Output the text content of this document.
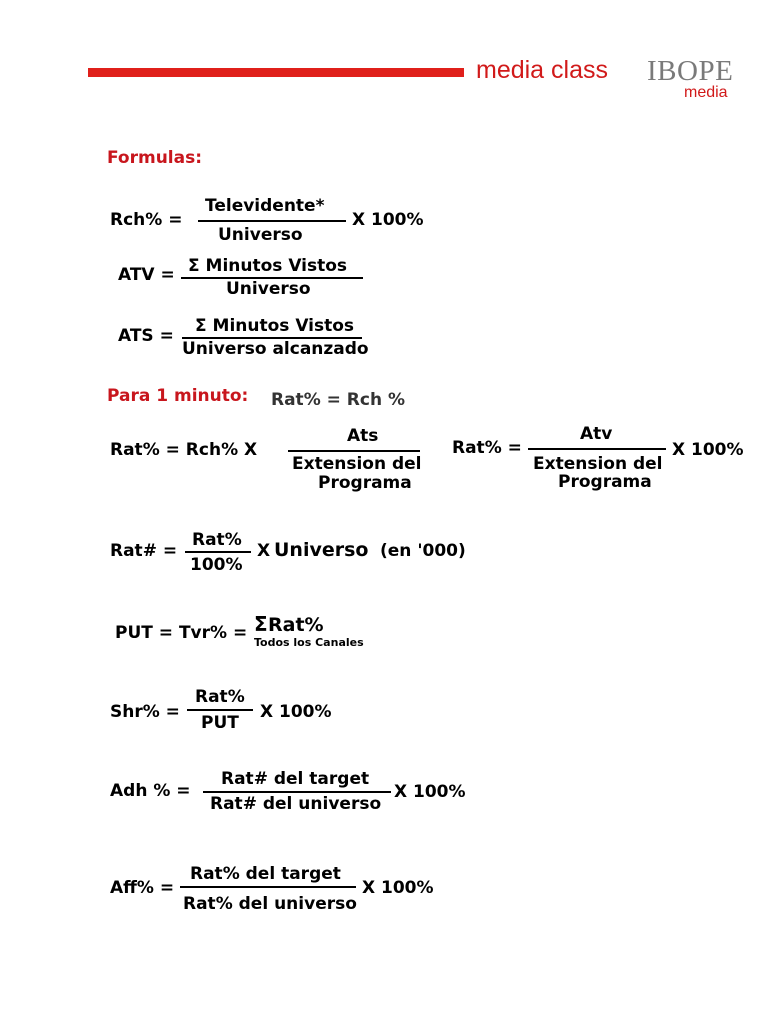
media class IBOPE
media
Formulas:
Rch% =
Televidente*
Universo
X 100%
ATV = Σ Minutos Vistos
Universo
ATS = Σ Minutos Vistos
Universo alcanzado
Para 1 minuto: Rat% = Rch %
Rat% = Rch% X
Ats
Extension del
Programa
Rat% =
Atv
Extension del
Programa
X 100%
Rat# =
Rat%
100%
X Universo (en '000)
PUT = Tvr% = Σ Rat%
Todos los Canales
Shr% =
Rat%
PUT
X 100%
Adh % =
Rat# del target
Rat# del universo
X 100%
Aff% =
Rat% del target
Rat% del universo
X 100%
